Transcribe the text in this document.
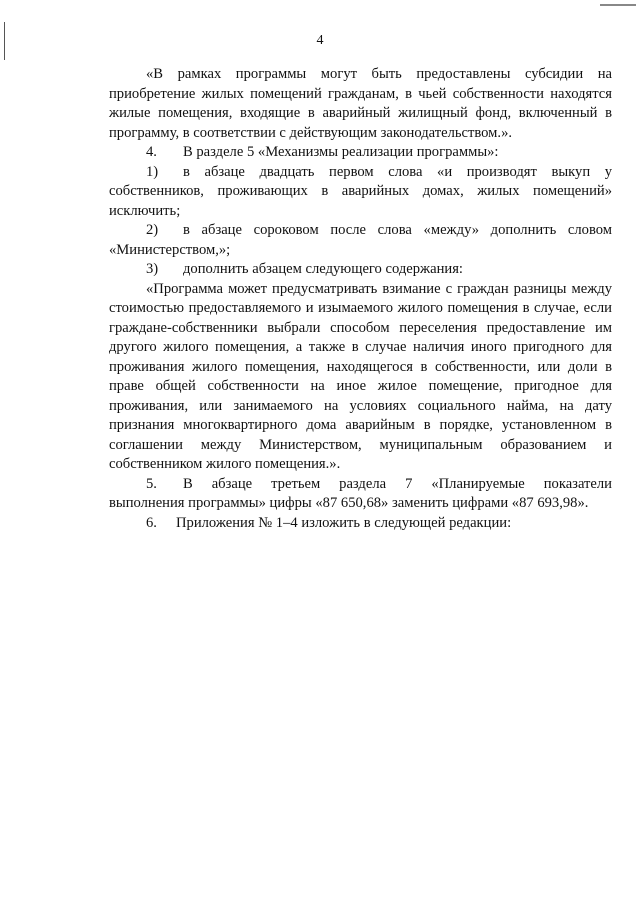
4

«В рамках программы могут быть предоставлены субсидии на приобретение жилых помещений гражданам, в чьей собственности находятся жилые помещения, входящие в аварийный жилищный фонд, включенный в программу, в соответствии с действующим законодательством.».

4.	В разделе 5 «Механизмы реализации программы»:
1)	в абзаце двадцать первом слова «и производят выкуп у

собственников, проживающих в аварийных домах, жилых помещений» исключить;

2)	в абзаце сороковом после слова «между» дополнить словом

«Министерством,»;

3)	дополнить абзацем следующего содержания:

«Программа может предусматривать взимание с граждан разницы между стоимостью предоставляемого и изымаемого жилого помещения в случае, если граждане-собственники выбрали способом переселения предоставление им другого жилого помещения, а также в случае наличия иного пригодного для проживания жилого помещения, находящегося в собственности, или доли в праве общей собственности на иное жилое помещение, пригодное для проживания, или занимаемого на условиях социального найма, на дату признания многоквартирного дома аварийным в порядке, установленном в соглашении между Министерством, муниципальным образованием и собственником жилого помещения.».

5.	В абзаце третьем раздела 7 «Планируемые показатели

выполнения программы» цифры «87 650,68» заменить цифрами «87 693,98».

6.	Приложения № 1–4 изложить в следующей редакции:
